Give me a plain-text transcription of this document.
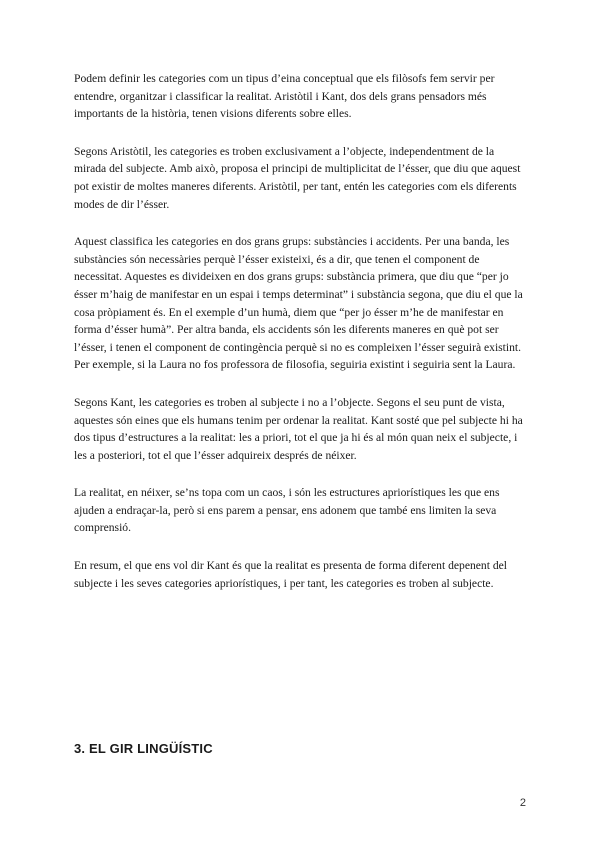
Podem definir les categories com un tipus d’eina conceptual que els filòsofs fem servir per entendre, organitzar i classificar la realitat. Aristòtil i Kant, dos dels grans pensadors més importants de la història, tenen visions diferents sobre elles.

Segons Aristòtil, les categories es troben exclusivament a l’objecte, independentment de la mirada del subjecte. Amb això, proposa el principi de multiplicitat de l’ésser, que diu que aquest pot existir de moltes maneres diferents. Aristòtil, per tant, entén les categories com els diferents modes de dir l’ésser.

Aquest classifica les categories en dos grans grups: substàncies i accidents. Per una banda, les substàncies són necessàries perquè l’ésser existeixi, és a dir, que tenen el component de necessitat. Aquestes es divideixen en dos grans grups: substància primera, que diu que “per jo ésser m’haig de manifestar en un espai i temps determinat” i substància segona, que diu el que la cosa pròpiament és. En el exemple d’un humà, diem que “per jo ésser m’he de manifestar en forma d’ésser humà”. Per altra banda, els accidents són les diferents maneres en què pot ser l’ésser, i tenen el component de contingència perquè si no es compleixen l’ésser seguirà existint. Per exemple, si la Laura no fos professora de filosofia, seguiria existint i seguiria sent la Laura.

Segons Kant, les categories es troben al subjecte i no a l’objecte. Segons el seu punt de vista, aquestes són eines que els humans tenim per ordenar la realitat. Kant sosté que pel subjecte hi ha dos tipus d’estructures a la realitat: les a priori, tot el que ja hi és al món quan neix el subjecte, i les a posteriori, tot el que l’ésser adquireix després de néixer.

La realitat, en néixer, se’ns topa com un caos, i són les estructures apriorístiques les que ens ajuden a endraçar-la, però si ens parem a pensar, ens adonem que també ens limiten la seva comprensió.

En resum, el que ens vol dir Kant és que la realitat es presenta de forma diferent depenent del subjecte i les seves categories apriorístiques, i per tant, les categories es troben al subjecte.

3. EL GIR LINGÜÍSTIC
2
